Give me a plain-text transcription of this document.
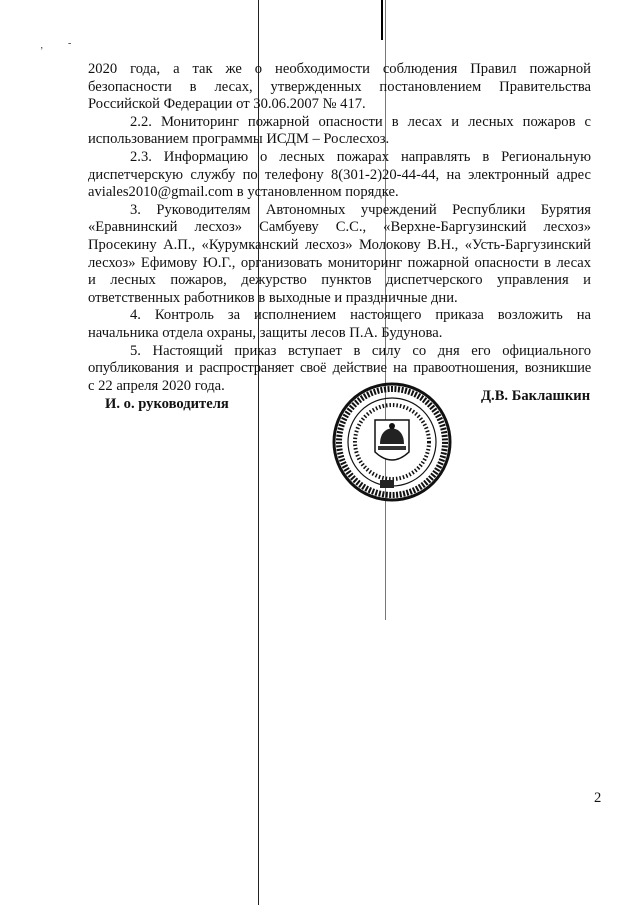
‚ -
2020 года, а так же о необходимости соблюдения Правил пожарной
безопасности в лесах, утвержденных постановлением Правительства
Российской Федерации от 30.06.2007 № 417.
2.2. Мониторинг пожарной опасности в лесах и лесных пожаров с
использованием программы ИСДМ – Рослесхоз.
2.3. Информацию о лесных пожарах направлять в Региональную
диспетчерскую службу по телефону 8(301-2)20-44-44, на электронный адрес
aviales2010@gmail.com в установленном порядке.
3. Руководителям Автономных учреждений Республики Бурятия
«Еравнинский лесхоз» Самбуеву С.С., «Верхне-Баргузинский лесхоз»
Просекину А.П., «Курумканский лесхоз» Молокову В.Н., «Усть-Баргузинский
лесхоз» Ефимову Ю.Г., организовать мониторинг пожарной опасности в лесах
и лесных пожаров, дежурство пунктов диспетчерского управления и
ответственных работников в выходные и праздничные дни.
4. Контроль за исполнением настоящего приказа возложить на
начальника отдела охраны, защиты лесов П.А. Будунова.
5. Настоящий приказ вступает в силу со дня его официального
опубликования и распространяет своё действие на правоотношения, возникшие
с 22 апреля 2020 года.
И. о. руководителя	Д.В. Баклашкин
2
